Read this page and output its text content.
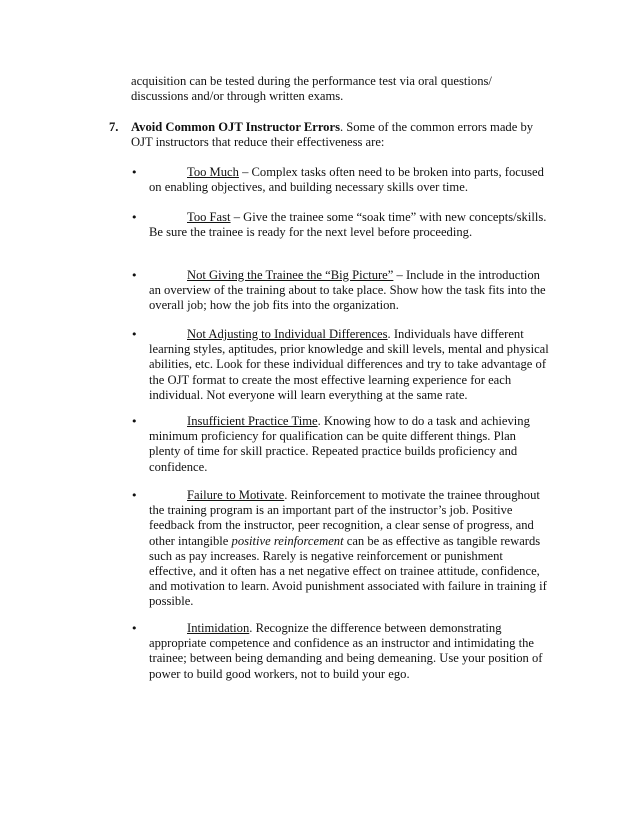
acquisition can be tested during the performance test via oral questions/ discussions and/or through written exams.
7. Avoid Common OJT Instructor Errors. Some of the common errors made by OJT instructors that reduce their effectiveness are:
•	Too Much – Complex tasks often need to be broken into parts, focused on enabling objectives, and building necessary skills over time.
•	Too Fast – Give the trainee some “soak time” with new concepts/skills. Be sure the trainee is ready for the next level before proceeding.
•	Not Giving the Trainee the “Big Picture” – Include in the introduction an overview of the training about to take place. Show how the task fits into the overall job; how the job fits into the organization.
•	Not Adjusting to Individual Differences. Individuals have different learning styles, aptitudes, prior knowledge and skill levels, mental and physical abilities, etc. Look for these individual differences and try to take advantage of the OJT format to create the most effective learning experience for each individual. Not everyone will learn everything at the same rate.
•	Insufficient Practice Time. Knowing how to do a task and achieving minimum proficiency for qualification can be quite different things. Plan plenty of time for skill practice. Repeated practice builds proficiency and confidence.
•	Failure to Motivate. Reinforcement to motivate the trainee throughout the training program is an important part of the instructor’s job. Positive feedback from the instructor, peer recognition, a clear sense of progress, and other intangible positive reinforcement can be as effective as tangible rewards such as pay increases. Rarely is negative reinforcement or punishment effective, and it often has a net negative effect on trainee attitude, confidence, and motivation to learn. Avoid punishment associated with failure in training if possible.
•	Intimidation. Recognize the difference between demonstrating appropriate competence and confidence as an instructor and intimidating the trainee; between being demanding and being demeaning. Use your position of power to build good workers, not to build your ego.
